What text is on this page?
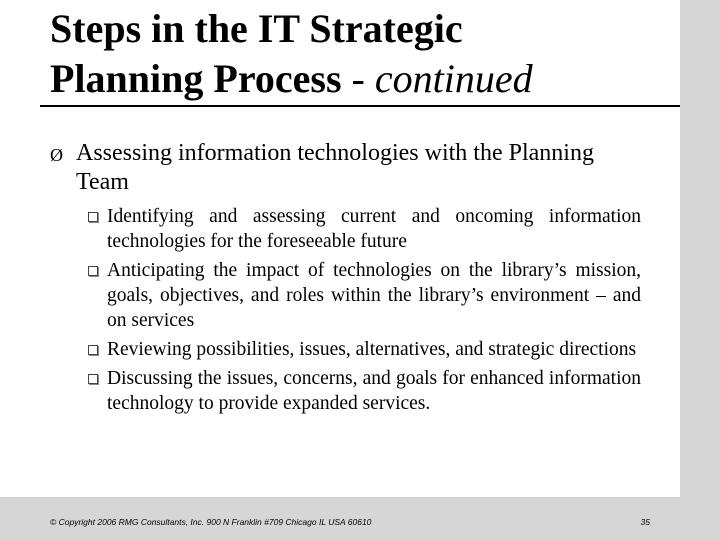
Steps in the IT Strategic
Planning Process - continued
Ø Assessing information technologies with the Planning Team
Identifying and assessing current and oncoming information technologies for the foreseeable future
Anticipating the impact of technologies on the library’s mission, goals, objectives, and roles within the library’s environment – and on services
Reviewing possibilities, issues, alternatives, and strategic directions
Discussing the issues, concerns, and goals for enhanced information technology to provide expanded services.
© Copyright 2006 RMG Consultants, Inc. 900 N Franklin #709 Chicago IL USA 60610	35
